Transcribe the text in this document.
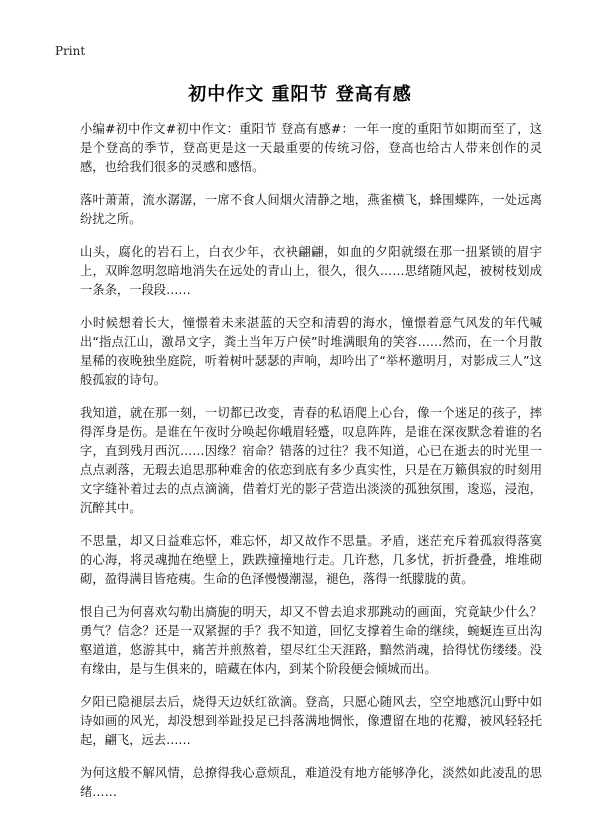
Print
初中作文 重阳节 登高有感

小编#初中作文#初中作文：重阳节 登高有感#：一年一度的重阳节如期而至了，这是个登高的季节，登高更是这一天最重要的传统习俗，登高也给古人带来创作的灵感，也给我们很多的灵感和感悟。

落叶萧萧，流水潺潺，一席不食人间烟火清静之地，燕雀横飞，蜂围蝶阵，一处远离纷扰之所。

山头，腐化的岩石上，白衣少年，衣袂翩翩，如血的夕阳就缀在那一扭紧锁的眉宇上，双眸忽明忽暗地消失在远处的青山上，很久，很久……思绪随风起，被树枝划成一条条，一段段……

小时候想着长大，憧憬着未来湛蓝的天空和清碧的海水，憧憬着意气风发的年代喊出“指点江山，激昂文字，粪土当年万户侯”时堆满眼角的笑容……然而，在一个月散星稀的夜晚独坐庭院，听着树叶瑟瑟的声响，却吟出了“举杯邀明月，对影成三人”这般孤寂的诗句。

我知道，就在那一刻，一切都已改变，青春的私语爬上心台，像一个迷足的孩子，摔得浑身是伤。是谁在午夜时分唤起你峨眉轻蹙，叹息阵阵，是谁在深夜默念着谁的名字，直到残月西沉……因缘？宿命？错落的过往？我不知道，心已在逝去的时光里一点点剥落，无瑕去追思那种难舍的依恋到底有多少真实性，只是在万籁俱寂的时刻用文字缝补着过去的点点滴滴，借着灯光的影子营造出淡淡的孤独氛围，逡巡，浸泡，沉醉其中。

不思量，却又日益难忘怀，难忘怀，却又故作不思量。矛盾，迷茫充斥着孤寂得落寞的心海，将灵魂抛在绝壁上，跌跌撞撞地行走。几许愁，几多忧，折折叠叠，堆堆砌砌，盈得满目皆疮痍。生命的色泽慢慢潮湿，褪色，落得一纸朦胧的黄。

恨自己为何喜欢勾勒出旖旎的明天，却又不曾去追求那跳动的画面，究竟缺少什么？勇气？信念？还是一双紧握的手？我不知道，回忆支撑着生命的继续，蜿蜒连亘出沟壑道道，悠游其中，痛苦并煎熬着，望尽红尘天涯路，黯然消魂，拾得忧伤缕缕。没有缘由，是与生俱来的，暗藏在体内，到某个阶段便会倾城而出。

夕阳已隐褪层去后，烧得天边妖红欲滴。登高，只愿心随风去，空空地感沉山野中如诗如画的风光，却没想到举趾投足已抖落满地惆怅，像遭留在地的花瓣，被风轻轻托起，翩飞，远去……

为何这般不解风情，总撩得我心意烦乱，难道没有地方能够净化，淡然如此凌乱的思绪……
